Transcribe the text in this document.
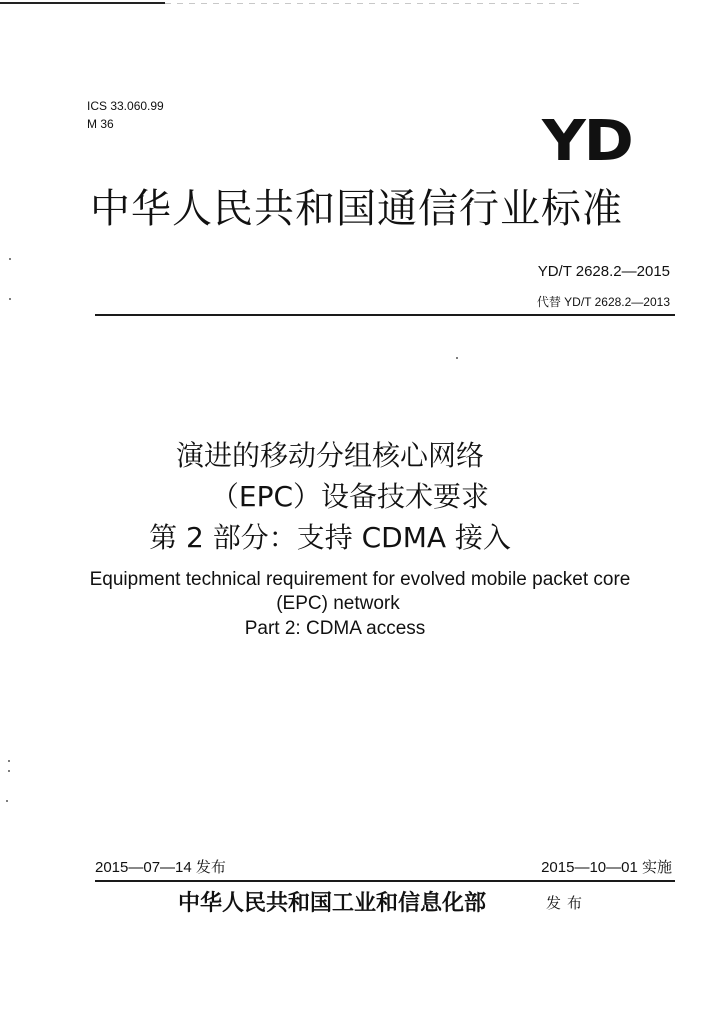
ICS 33.060.99
M 36	YD
中华人民共和国通信行业标准
YD/T 2628.2—2015
代替 YD/T 2628.2—2013
演进的移动分组核心网络
（EPC）设备技术要求
第 2 部分：支持 CDMA 接入
Equipment technical requirement for evolved mobile packet core
(EPC) network
Part 2: CDMA access
2015—07—14 发布	2015—10—01 实施
中华人民共和国工业和信息化部	发布
